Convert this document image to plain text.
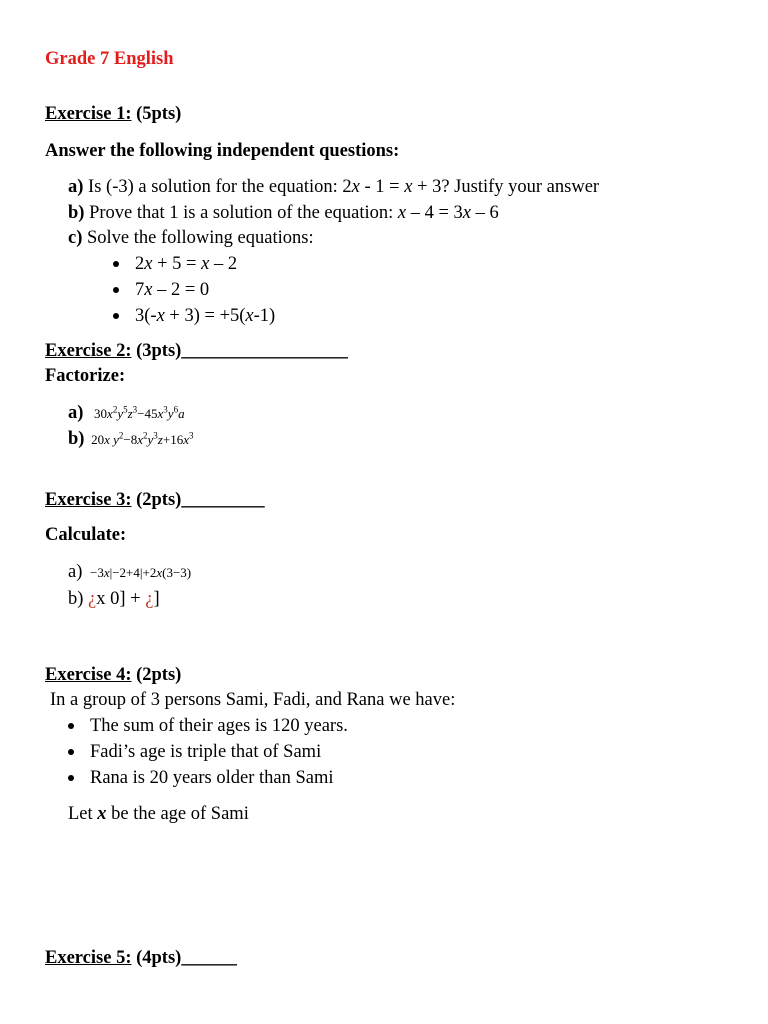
Grade 7 English
Exercise 1: (5pts)
Answer the following independent questions:
a) Is (-3) a solution for the equation: 2x - 1 = x + 3? Justify your answer
b) Prove that 1 is a solution of the equation: x – 4 = 3x – 6
c) Solve the following equations:
2x + 5 = x – 2
7x – 2 = 0
3(-x + 3) = +5(x-1)
Exercise 2: (3pts)__________________
Factorize:
a) $30x^2y^5z^3-45x^3y^6a$
b) 20x $y^2-8x^2y^3z+16x^3$
Exercise 3: (2pts)_________
Calculate:
a) −3x|−2+4|+2x(3−3)
b) ¿x 0] + ¿]
Exercise 4: (2pts)
In a group of 3 persons Sami, Fadi, and Rana we have:
The sum of their ages is 120 years.
Fadi’s age is triple that of Sami
Rana is 20 years older than Sami
Let x be the age of Sami
Exercise 5: (4pts)______
